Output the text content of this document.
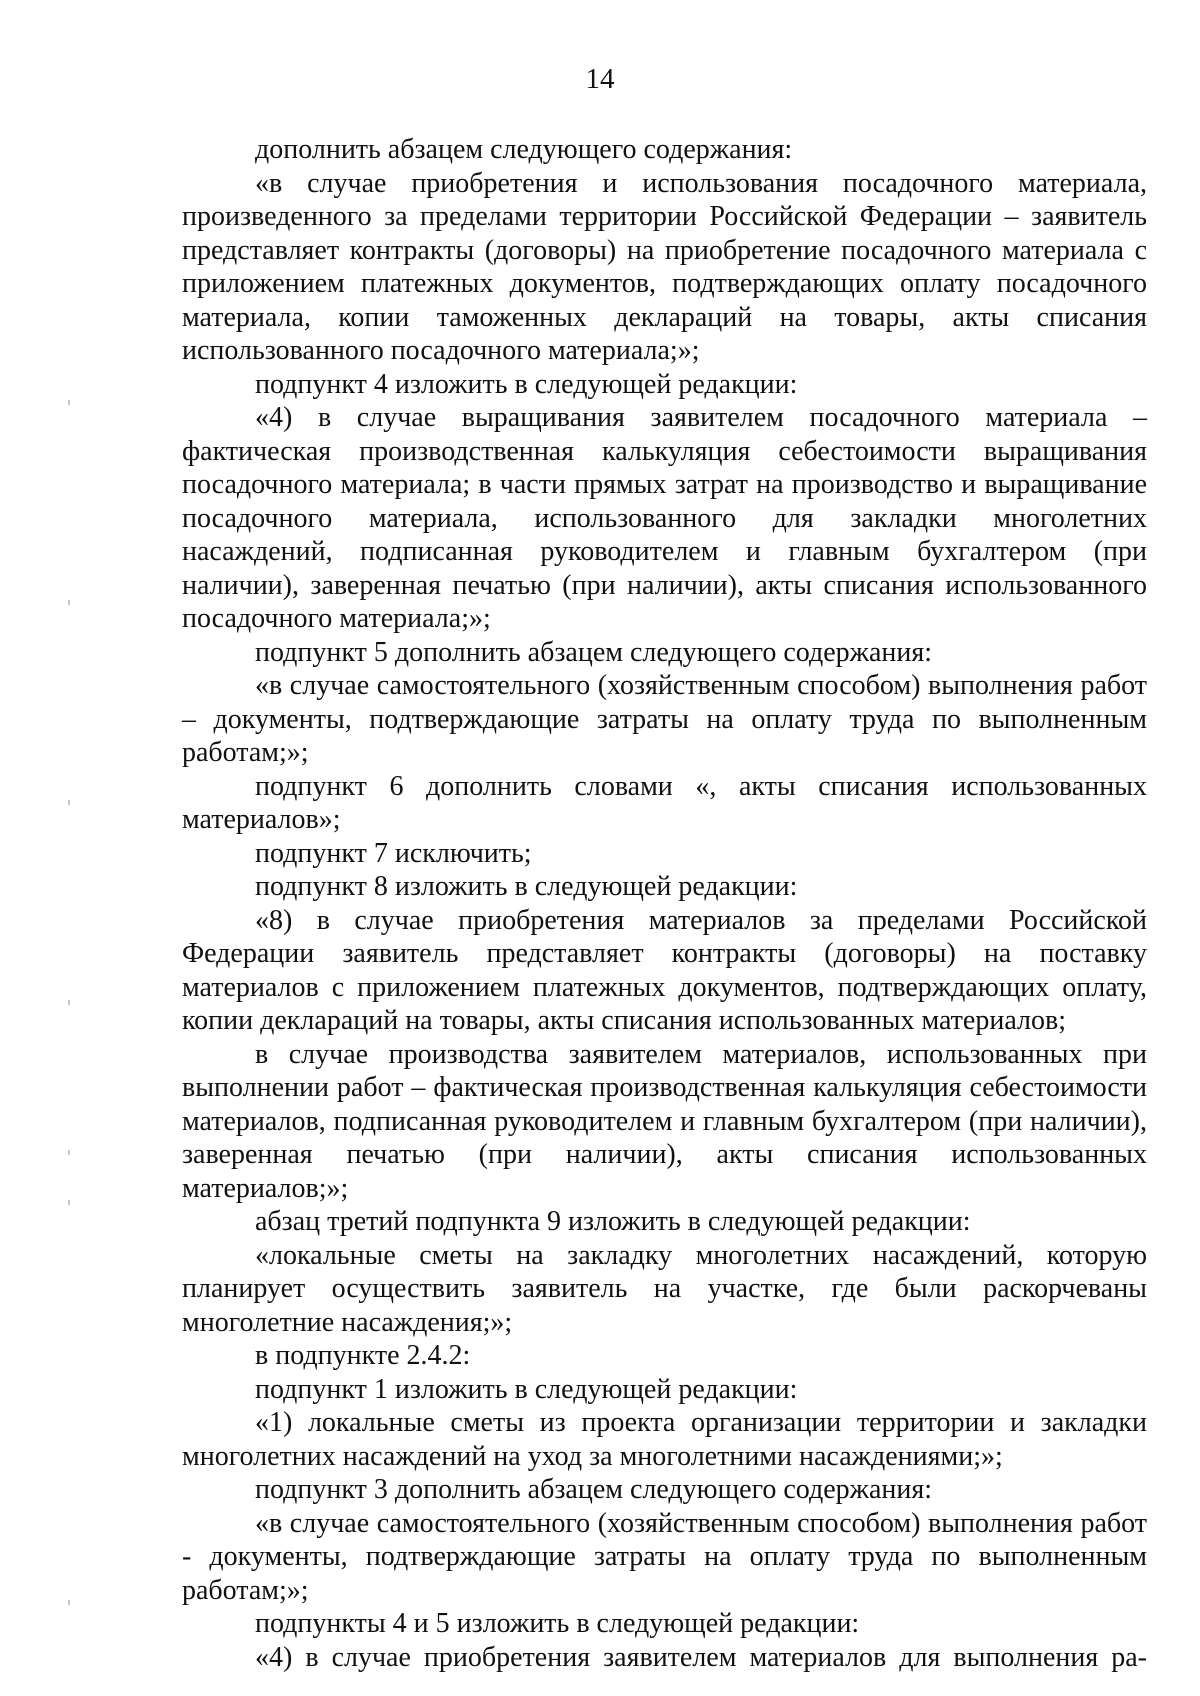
14

дополнить абзацем следующего содержания:

«в случае приобретения и использования посадочного материала, произведенного за пределами территории Российской Федерации – заявитель представляет контракты (договоры) на приобретение посадочного материала с приложением платежных документов, подтверждающих оплату посадочного материала, копии таможенных деклараций на товары, акты списания использованного посадочного материала;»;

подпункт 4 изложить в следующей редакции:

«4) в случае выращивания заявителем посадочного материала – фактическая производственная калькуляция себестоимости выращивания посадочного материала; в части прямых затрат на производство и выращивание посадочного материала, использованного для закладки многолетних насаждений, подписанная руководителем и главным бухгалтером (при наличии), заверенная печатью (при наличии), акты списания использованного посадочного материала;»;

подпункт 5 дополнить абзацем следующего содержания:

«в случае самостоятельного (хозяйственным способом) выполнения работ – документы, подтверждающие затраты на оплату труда по выполненным работам;»;

подпункт 6 дополнить словами «, акты списания использованных материалов»;

подпункт 7 исключить;

подпункт 8 изложить в следующей редакции:

«8) в случае приобретения материалов за пределами Российской Федерации заявитель представляет контракты (договоры) на поставку материалов с приложением платежных документов, подтверждающих оплату, копии деклараций на товары, акты списания использованных материалов;

в случае производства заявителем материалов, использованных при выполнении работ – фактическая производственная калькуляция себестоимости материалов, подписанная руководителем и главным бухгалтером (при наличии), заверенная печатью (при наличии), акты списания использованных материалов;»;

абзац третий подпункта 9 изложить в следующей редакции:

«локальные сметы на закладку многолетних насаждений, которую планирует осуществить заявитель на участке, где были раскорчеваны многолетние насаждения;»;

в подпункте 2.4.2:

подпункт 1 изложить в следующей редакции:

«1) локальные сметы из проекта организации территории и закладки многолетних насаждений на уход за многолетними насаждениями;»;

подпункт 3 дополнить абзацем следующего содержания:

«в случае самостоятельного (хозяйственным способом) выполнения работ - документы, подтверждающие затраты на оплату труда по выполненным работам;»;

подпункты 4 и 5 изложить в следующей редакции:

«4) в случае приобретения заявителем материалов для выполнения ра-
